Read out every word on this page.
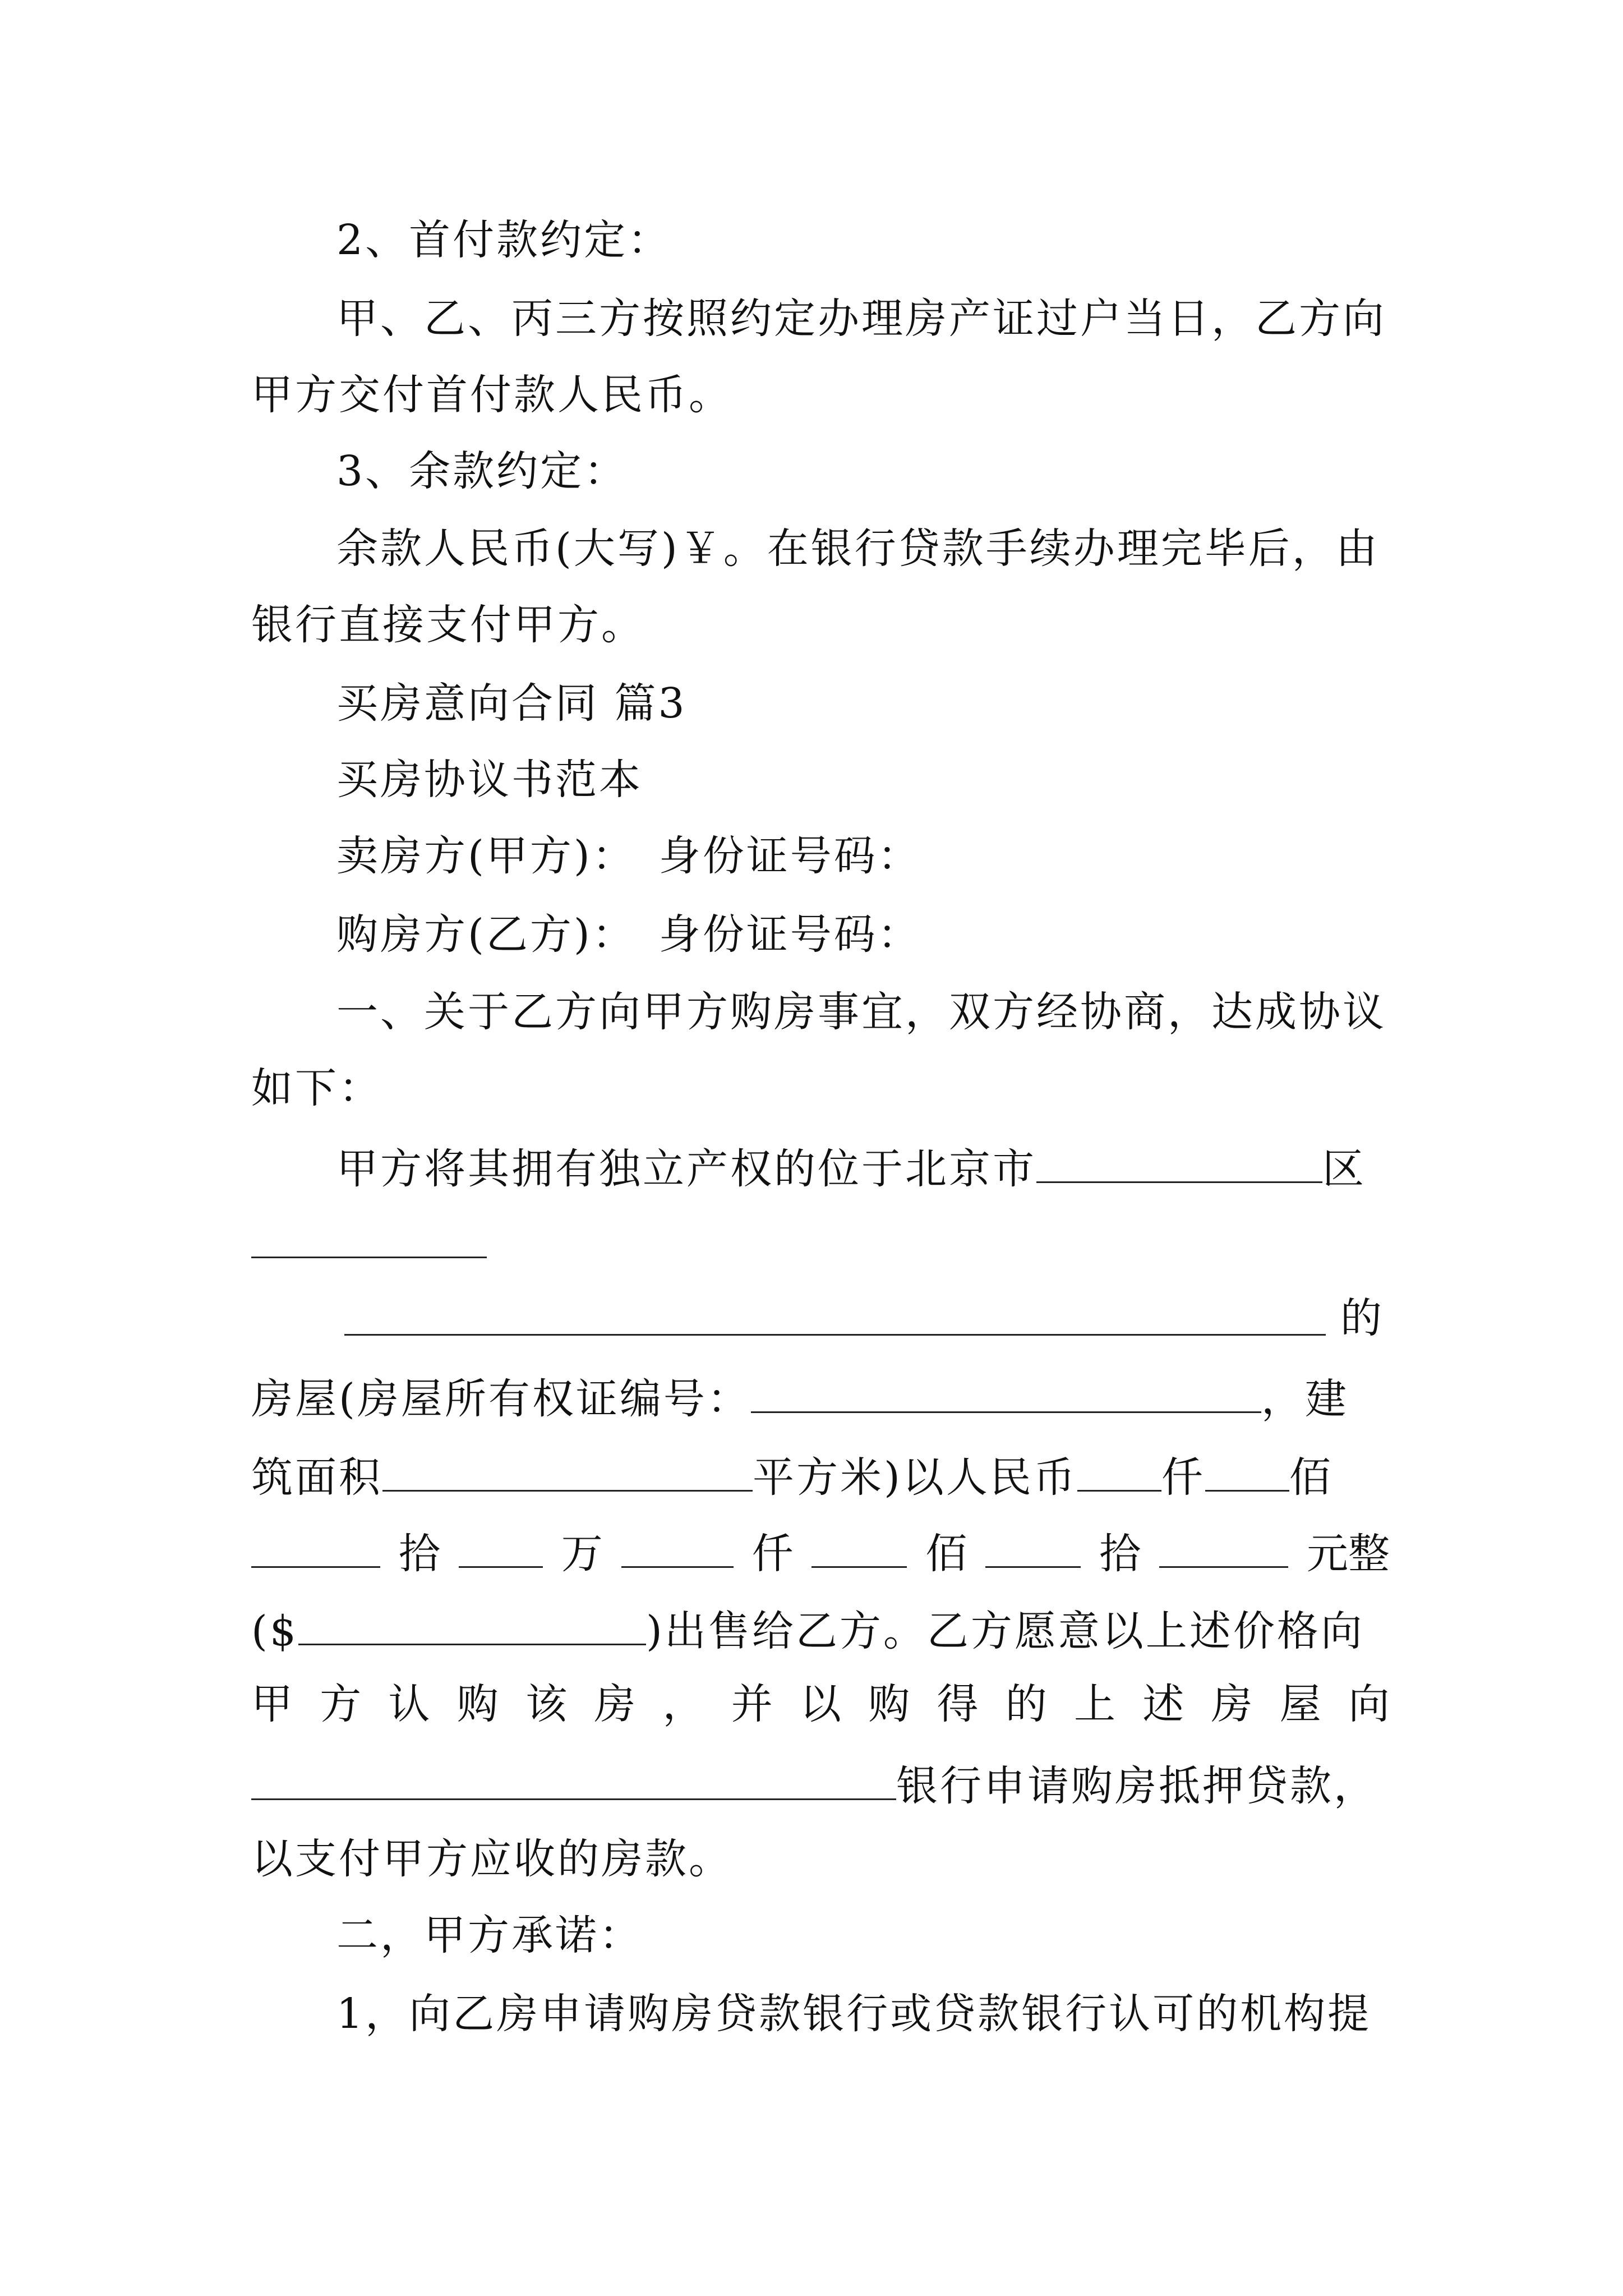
2、首付款约定：

甲、乙、丙三方按照约定办理房产证过户当日，乙方向

甲方交付首付款人民币。

3、余款约定：

余款人民币(大写)￥。在银行贷款手续办理完毕后，由

银行直接支付甲方。

买房意向合同 篇3

买房协议书范本

卖房方(甲方)：　身份证号码：

购房方(乙方)：　身份证号码：

一、关于乙方向甲方购房事宜，双方经协商，达成协议

如下：

甲方将其拥有独立产权的位于北京市	区

的

房屋(房屋所有权证编号：	，建

筑面积	平方米)以人民币 仟 佰

拾	万	仟	佰	拾	元整

($	)出售给乙方。乙方愿意以上述价格向

甲 方 认 购 该 房 ， 并 以 购 得 的 上 述 房 屋 向

银行申请购房抵押贷款，

以支付甲方应收的房款。

二，甲方承诺：

1，向乙房申请购房贷款银行或贷款银行认可的机构提
